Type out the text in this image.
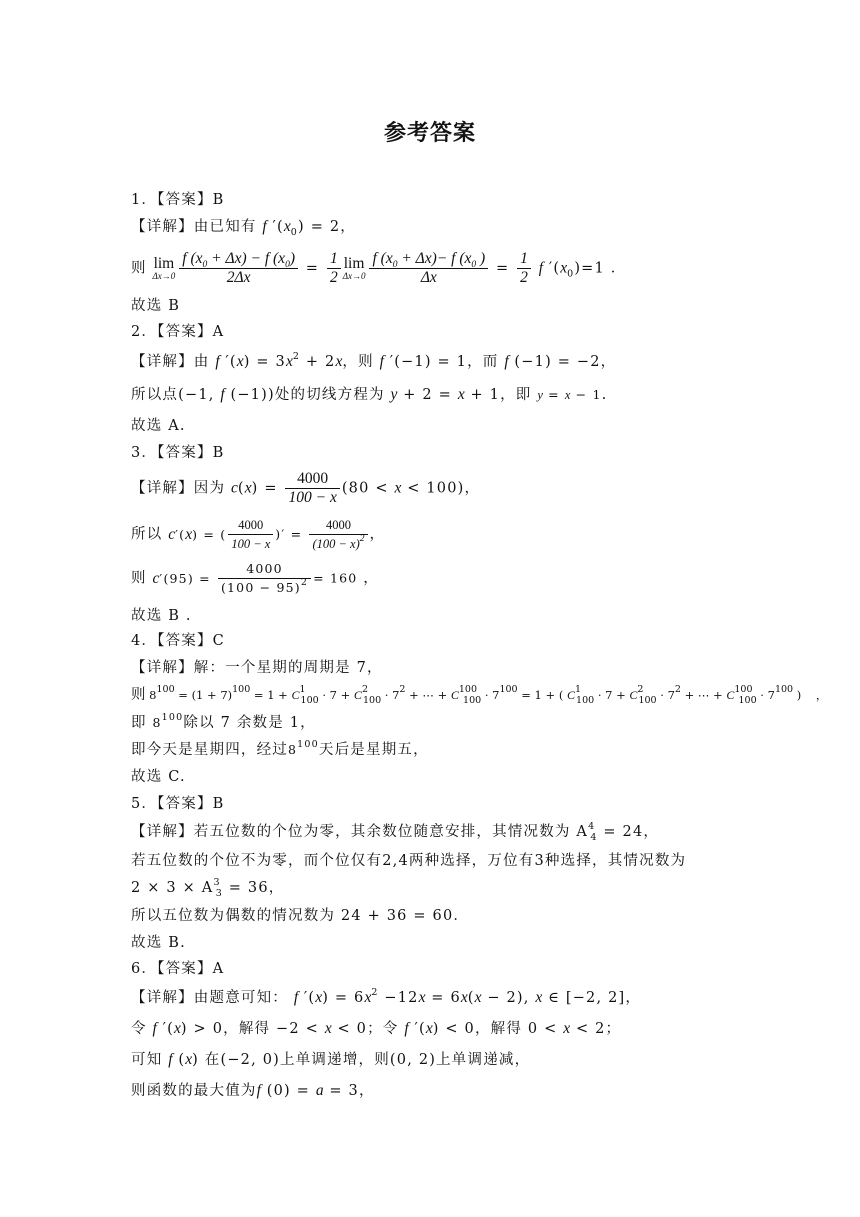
参考答案
1．【答案】B
【详解】由已知有 f $'(x_0) = 2$，
则 lim
$\Delta x\to 0 \frac{f (x_0 + \Delta x) - f (x_0)}{2\Delta x} = \frac{1}{2}$ lim
$\Delta x\to 0 \frac{f (x_0 + \Delta x)- f (x_0 )}{\Delta x} = \frac{1}{2}$ f $'(x_0)=1$ ．
故选 B
2．【答案】A
【详解】由 f $'(x) = 3x^2 + 2x$，则 f ′(−1) = 1，而 f (−1) = −2，
所以点(−1, f (−1))处的切线方程为 y + 2 = x + 1，即 y = x − 1.
故选 A.
3．【答案】B
【详解】因为 $c(x) = \frac{4000}{100 - x} (80 < x < 100)$，
所以 c′(x) = ( $\frac{4000}{100 - x}$ )′ = $\frac{4000}{(100 - x)^2}$ ，
则 $c'(95) = \frac{4000}{(100 - 95)^2} = 160$ ，
故选 B .
4．【答案】C
【详解】解：一个星期的周期是 7，
则 $8^{100} = (1 + 7)^{100} = 1 + C^1_{100} \cdot 7 + C^2_{100} \cdot 7^2$ + ⋯ + $C^{100}_{100} \cdot 7^{100} = 1$ + ( $C^1_{100} \cdot 7 + C^2_{100} \cdot 7^2$ + ⋯ + $C^{100}_{100} \cdot 7^{100}$ )    ，
即 $8^{100}$除以 7 余数是 1，
即今天是星期四，经过$8^{100}$天后是星期五，
故选 C.
5．【答案】B
【详解】若五位数的个位为零，其余数位随意安排，其情况数为 $A^4_4 = 24$，
若五位数的个位不为零，而个位仅有2,4两种选择，万位有3种选择，其情况数为
$2 \times 3 \times A^3_3 = 36$，
所以五位数为偶数的情况数为 24 + 36 = 60．
故选 B.
6．【答案】A
【详解】由题意可知： f $'(x) = 6x^2 -12x = 6x(x - 2)$, x ∈ [−2, 2]，
令 f ′(x) > 0，解得 −2 < x < 0；令 f ′(x) < 0，解得 0 < x < 2；
可知 f (x) 在(−2, 0)上单调递增，则(0, 2)上单调递减，
则函数的最大值为f (0) = a = 3，
